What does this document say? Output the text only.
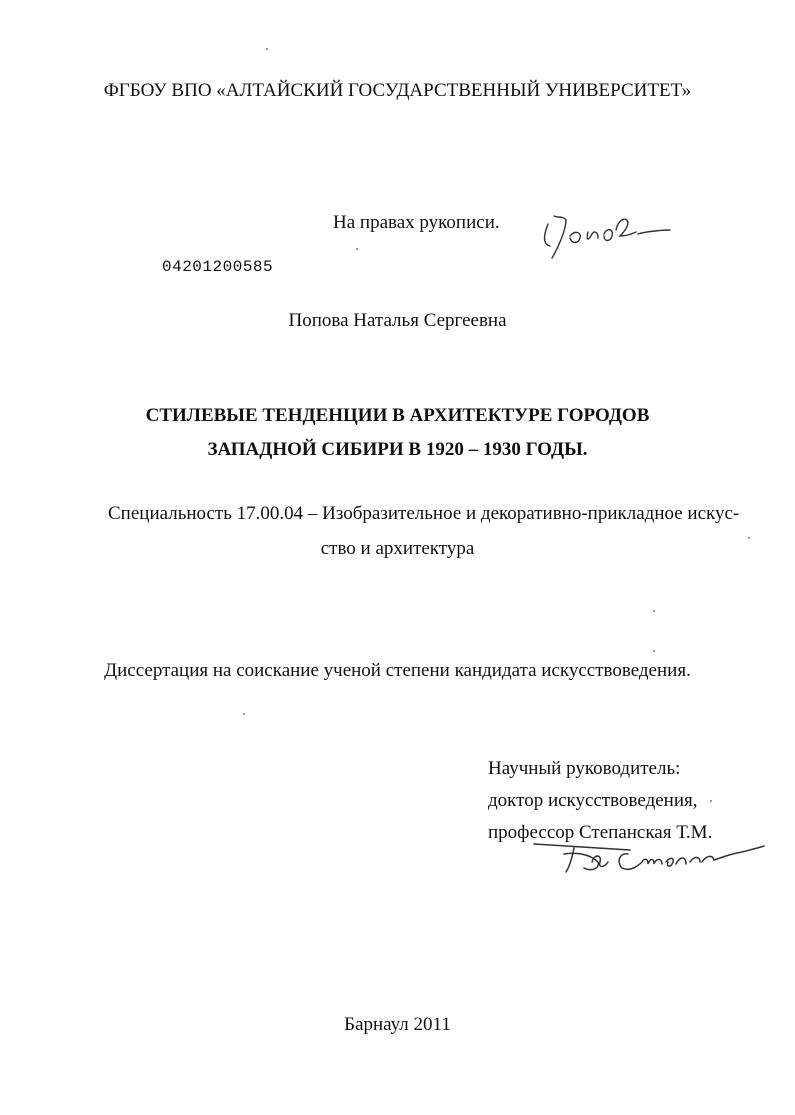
ФГБОУ ВПО «АЛТАЙСКИЙ ГОСУДАРСТВЕННЫЙ УНИВЕРСИТЕТ»
На правах рукописи.
04201200585
Попова Наталья Сергеевна
СТИЛЕВЫЕ ТЕНДЕНЦИИ В АРХИТЕКТУРЕ ГОРОДОВ
ЗАПАДНОЙ СИБИРИ В 1920 – 1930 ГОДЫ.
Специальность 17.00.04 – Изобразительное и декоративно-прикладное искус-
ство и архитектура
Диссертация на соискание ученой степени кандидата искусствоведения.
Научный руководитель:
доктор искусствоведения,
профессор Степанская Т.М.
Барнаул 2011
